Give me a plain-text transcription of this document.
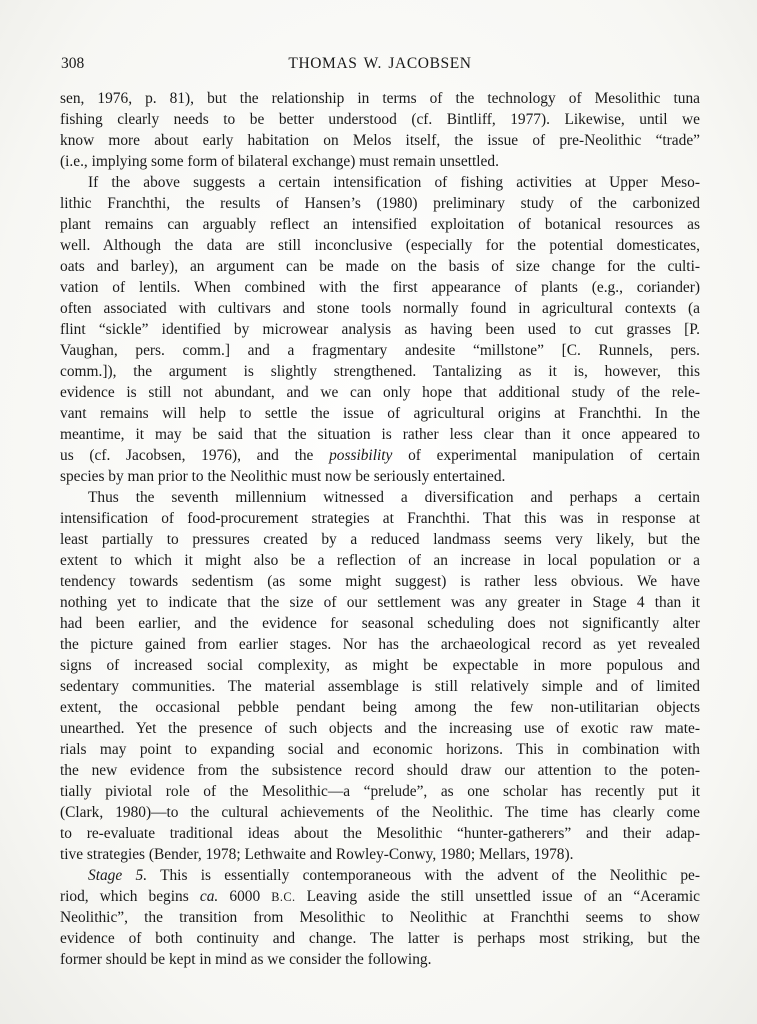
308	THOMAS W. JACOBSEN
sen, 1976, p. 81), but the relationship in terms of the technology of Mesolithic tuna
fishing clearly needs to be better understood (cf. Bintliff, 1977). Likewise, until we
know more about early habitation on Melos itself, the issue of pre-Neolithic “trade”
(i.e., implying some form of bilateral exchange) must remain unsettled.
If the above suggests a certain intensification of fishing activities at Upper Meso-
lithic Franchthi, the results of Hansen’s (1980) preliminary study of the carbonized
plant remains can arguably reflect an intensified exploitation of botanical resources as
well. Although the data are still inconclusive (especially for the potential domesticates,
oats and barley), an argument can be made on the basis of size change for the culti-
vation of lentils. When combined with the first appearance of plants (e.g., coriander)
often associated with cultivars and stone tools normally found in agricultural contexts (a
flint “sickle” identified by microwear analysis as having been used to cut grasses [P.
Vaughan, pers. comm.] and a fragmentary andesite “millstone” [C. Runnels, pers.
comm.]), the argument is slightly strengthened. Tantalizing as it is, however, this
evidence is still not abundant, and we can only hope that additional study of the rele-
vant remains will help to settle the issue of agricultural origins at Franchthi. In the
meantime, it may be said that the situation is rather less clear than it once appeared to
us (cf. Jacobsen, 1976), and the possibility of experimental manipulation of certain
species by man prior to the Neolithic must now be seriously entertained.
Thus the seventh millennium witnessed a diversification and perhaps a certain
intensification of food-procurement strategies at Franchthi. That this was in response at
least partially to pressures created by a reduced landmass seems very likely, but the
extent to which it might also be a reflection of an increase in local population or a
tendency towards sedentism (as some might suggest) is rather less obvious. We have
nothing yet to indicate that the size of our settlement was any greater in Stage 4 than it
had been earlier, and the evidence for seasonal scheduling does not significantly alter
the picture gained from earlier stages. Nor has the archaeological record as yet revealed
signs of increased social complexity, as might be expectable in more populous and
sedentary communities. The material assemblage is still relatively simple and of limited
extent, the occasional pebble pendant being among the few non-utilitarian objects
unearthed. Yet the presence of such objects and the increasing use of exotic raw mate-
rials may point to expanding social and economic horizons. This in combination with
the new evidence from the subsistence record should draw our attention to the poten-
tially piviotal role of the Mesolithic—a “prelude”, as one scholar has recently put it
(Clark, 1980)—to the cultural achievements of the Neolithic. The time has clearly come
to re-evaluate traditional ideas about the Mesolithic “hunter-gatherers” and their adap-
tive strategies (Bender, 1978; Lethwaite and Rowley-Conwy, 1980; Mellars, 1978).
Stage 5. This is essentially contemporaneous with the advent of the Neolithic pe-
riod, which begins ca. 6000 B.C. Leaving aside the still unsettled issue of an “Aceramic
Neolithic”, the transition from Mesolithic to Neolithic at Franchthi seems to show
evidence of both continuity and change. The latter is perhaps most striking, but the
former should be kept in mind as we consider the following.
